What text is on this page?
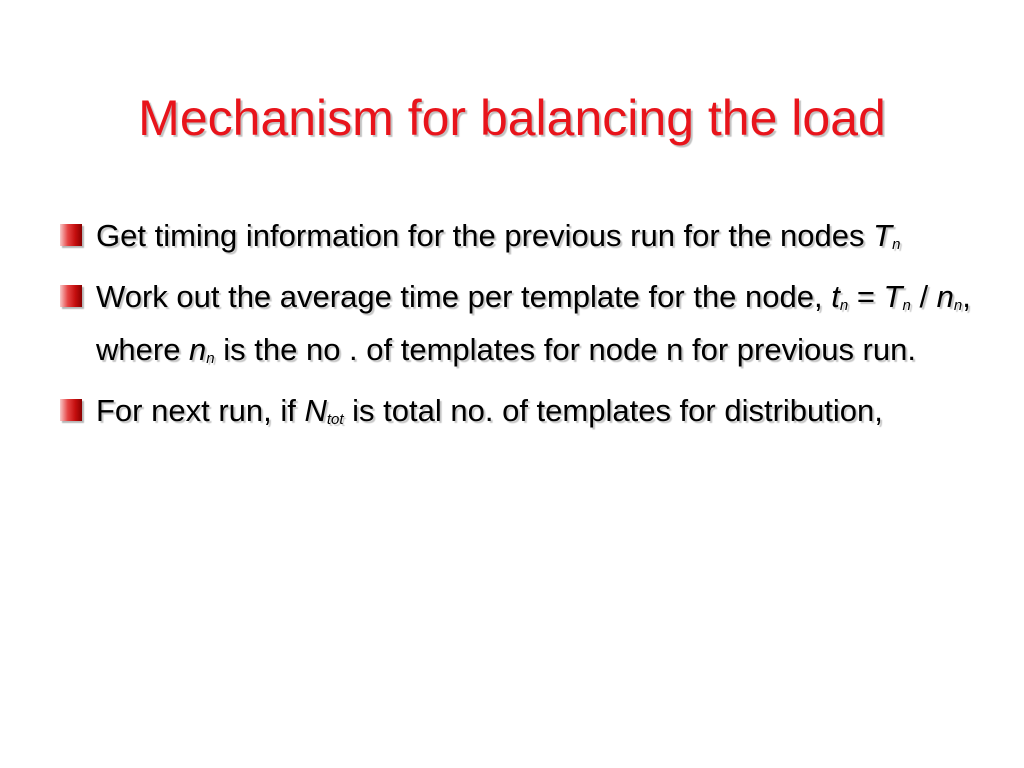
Mechanism for balancing the load
Get timing information for the previous run for the nodes $T_n$
Work out the average time per template for the node, $t_n = T_n / n_n$, where $n_n$ is the no . of templates for node n for previous run.
For next run, if $N_{tot}$ is total no. of templates for distribution,
